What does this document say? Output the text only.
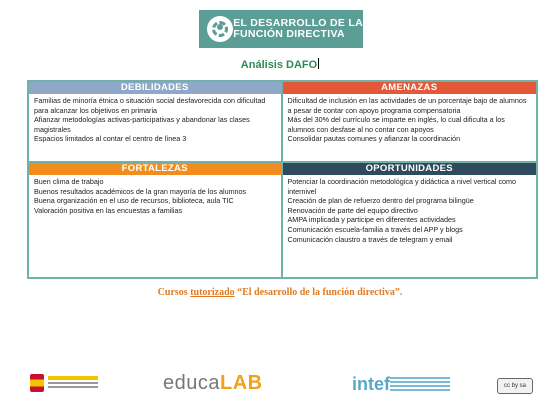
EL DESARROLLO DE LA
FUNCIÓN DIRECTIVA
Análisis DAFO
DEBILIDADES
Familias de minoría étnica o situación social desfavorecida con dificultad para alcanzar los objetivos en primaria
Afianzar metodologías activas-participativas y abandonar las clases magistrales
Espacios limitados al contar el centro de línea 3
AMENAZAS
Dificultad de inclusión en las actividades de un porcentaje bajo de alumnos a pesar de contar con apoyo programa compensatoria
Más del 30% del currículo se imparte en inglés, lo cual dificulta a los alumnos con desfase al no contar con apoyos
Consolidar pautas comunes y afianzar la coordinación
FORTALEZAS
Buen clima de trabajo
Buenos resultados académicos de la gran mayoría de los alumnos
Buena organización en el uso de recursos, biblioteca, aula TIC
Valoración positiva en las encuestas a familias
OPORTUNIDADES
Potenciar la coordinación metodológica y didáctica a nivel vertical como internivel
Creación de plan de refuerzo dentro del programa bilingüe
Renovación de parte del equipo directivo
AMPA implicada y participe en diferentes actividades
Comunicación escuela-familia a través del APP y blogs
Comunicación claustro a través de telegram y email
Cursos tutorizado “El desarrollo de la función directiva”.
educaLAB	intef	cc by sa
